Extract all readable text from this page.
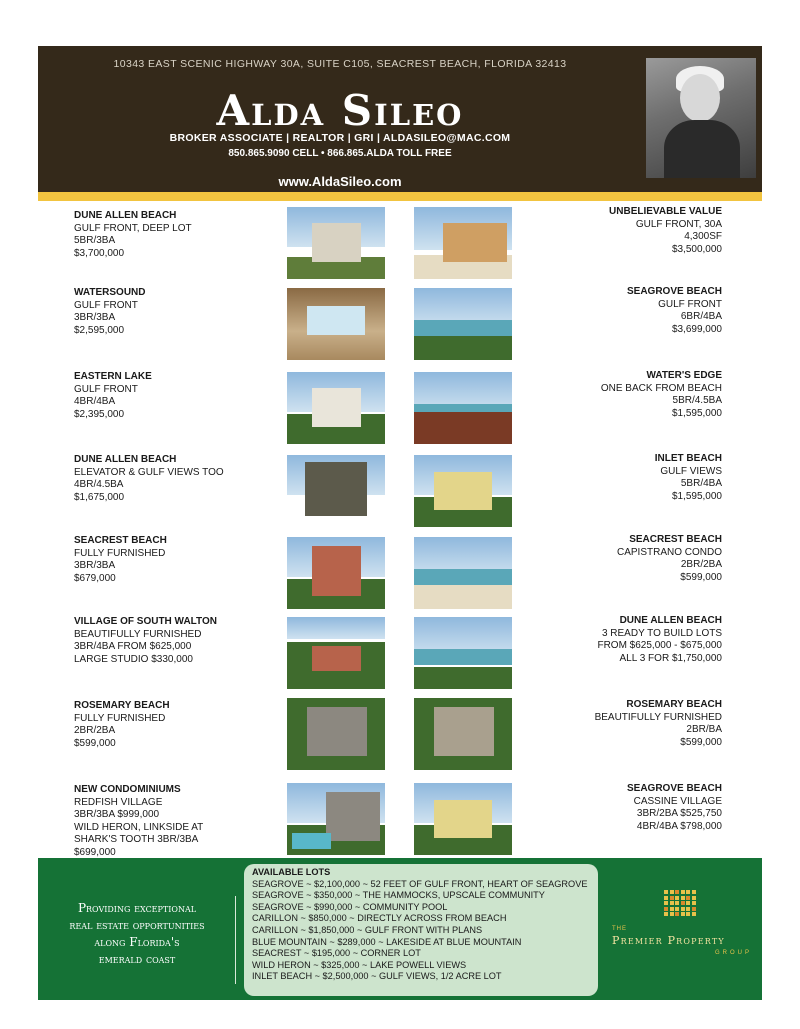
10343 EAST SCENIC HIGHWAY 30A, SUITE C105, SEACREST BEACH, FLORIDA 32413
Alda Sileo
BROKER ASSOCIATE | REALTOR | GRI | ALDASILEO@MAC.COM
850.865.9090 CELL • 866.865.ALDA TOLL FREE
www.AldaSileo.com
DUNE ALLEN BEACH
GULF FRONT, DEEP LOT
5BR/3BA
$3,700,000
WATERSOUND
GULF FRONT
3BR/3BA
$2,595,000
EASTERN LAKE
GULF FRONT
4BR/4BA
$2,395,000
DUNE ALLEN BEACH
ELEVATOR & GULF VIEWS TOO
4BR/4.5BA
$1,675,000
SEACREST BEACH
FULLY FURNISHED
3BR/3BA
$679,000
VILLAGE OF SOUTH WALTON
BEAUTIFULLY FURNISHED
3BR/4BA FROM $625,000
LARGE STUDIO $330,000
ROSEMARY BEACH
FULLY FURNISHED
2BR/2BA
$599,000
NEW CONDOMINIUMS
REDFISH VILLAGE
3BR/3BA $999,000
WILD HERON, LINKSIDE AT
SHARK'S TOOTH 3BR/3BA
$699,000
UNBELIEVABLE VALUE
GULF FRONT, 30A
4,300SF
$3,500,000
SEAGROVE BEACH
GULF FRONT
6BR/4BA
$3,699,000
WATER'S EDGE
ONE BACK FROM BEACH
5BR/4.5BA
$1,595,000
INLET BEACH
GULF VIEWS
5BR/4BA
$1,595,000
SEACREST BEACH
CAPISTRANO CONDO
2BR/2BA
$599,000
DUNE ALLEN BEACH
3 READY TO BUILD LOTS
FROM $625,000 - $675,000
ALL 3 FOR $1,750,000
ROSEMARY BEACH
BEAUTIFULLY FURNISHED
2BR/BA
$599,000
SEAGROVE BEACH
CASSINE VILLAGE
3BR/2BA $525,750
4BR/4BA $798,000
Providing exceptional
real estate opportunities
along Florida's
emerald coast
AVAILABLE LOTS
SEAGROVE ~ $2,100,000 ~ 52 FEET OF GULF FRONT, HEART OF SEAGROVE
SEAGROVE ~ $350,000 ~ THE HAMMOCKS, UPSCALE COMMUNITY
SEAGROVE ~ $990,000 ~ COMMUNITY POOL
CARILLON ~ $850,000 ~ DIRECTLY ACROSS FROM BEACH
CARILLON ~ $1,850,000 ~ GULF FRONT WITH PLANS
BLUE MOUNTAIN ~ $289,000 ~ LAKESIDE AT BLUE MOUNTAIN
SEACREST ~ $195,000 ~ CORNER LOT
WILD HERON ~ $325,000 ~ LAKE POWELL VIEWS
INLET BEACH ~ $2,500,000 ~ GULF VIEWS, 1/2 ACRE LOT
THE
Premier Property
GROUP
